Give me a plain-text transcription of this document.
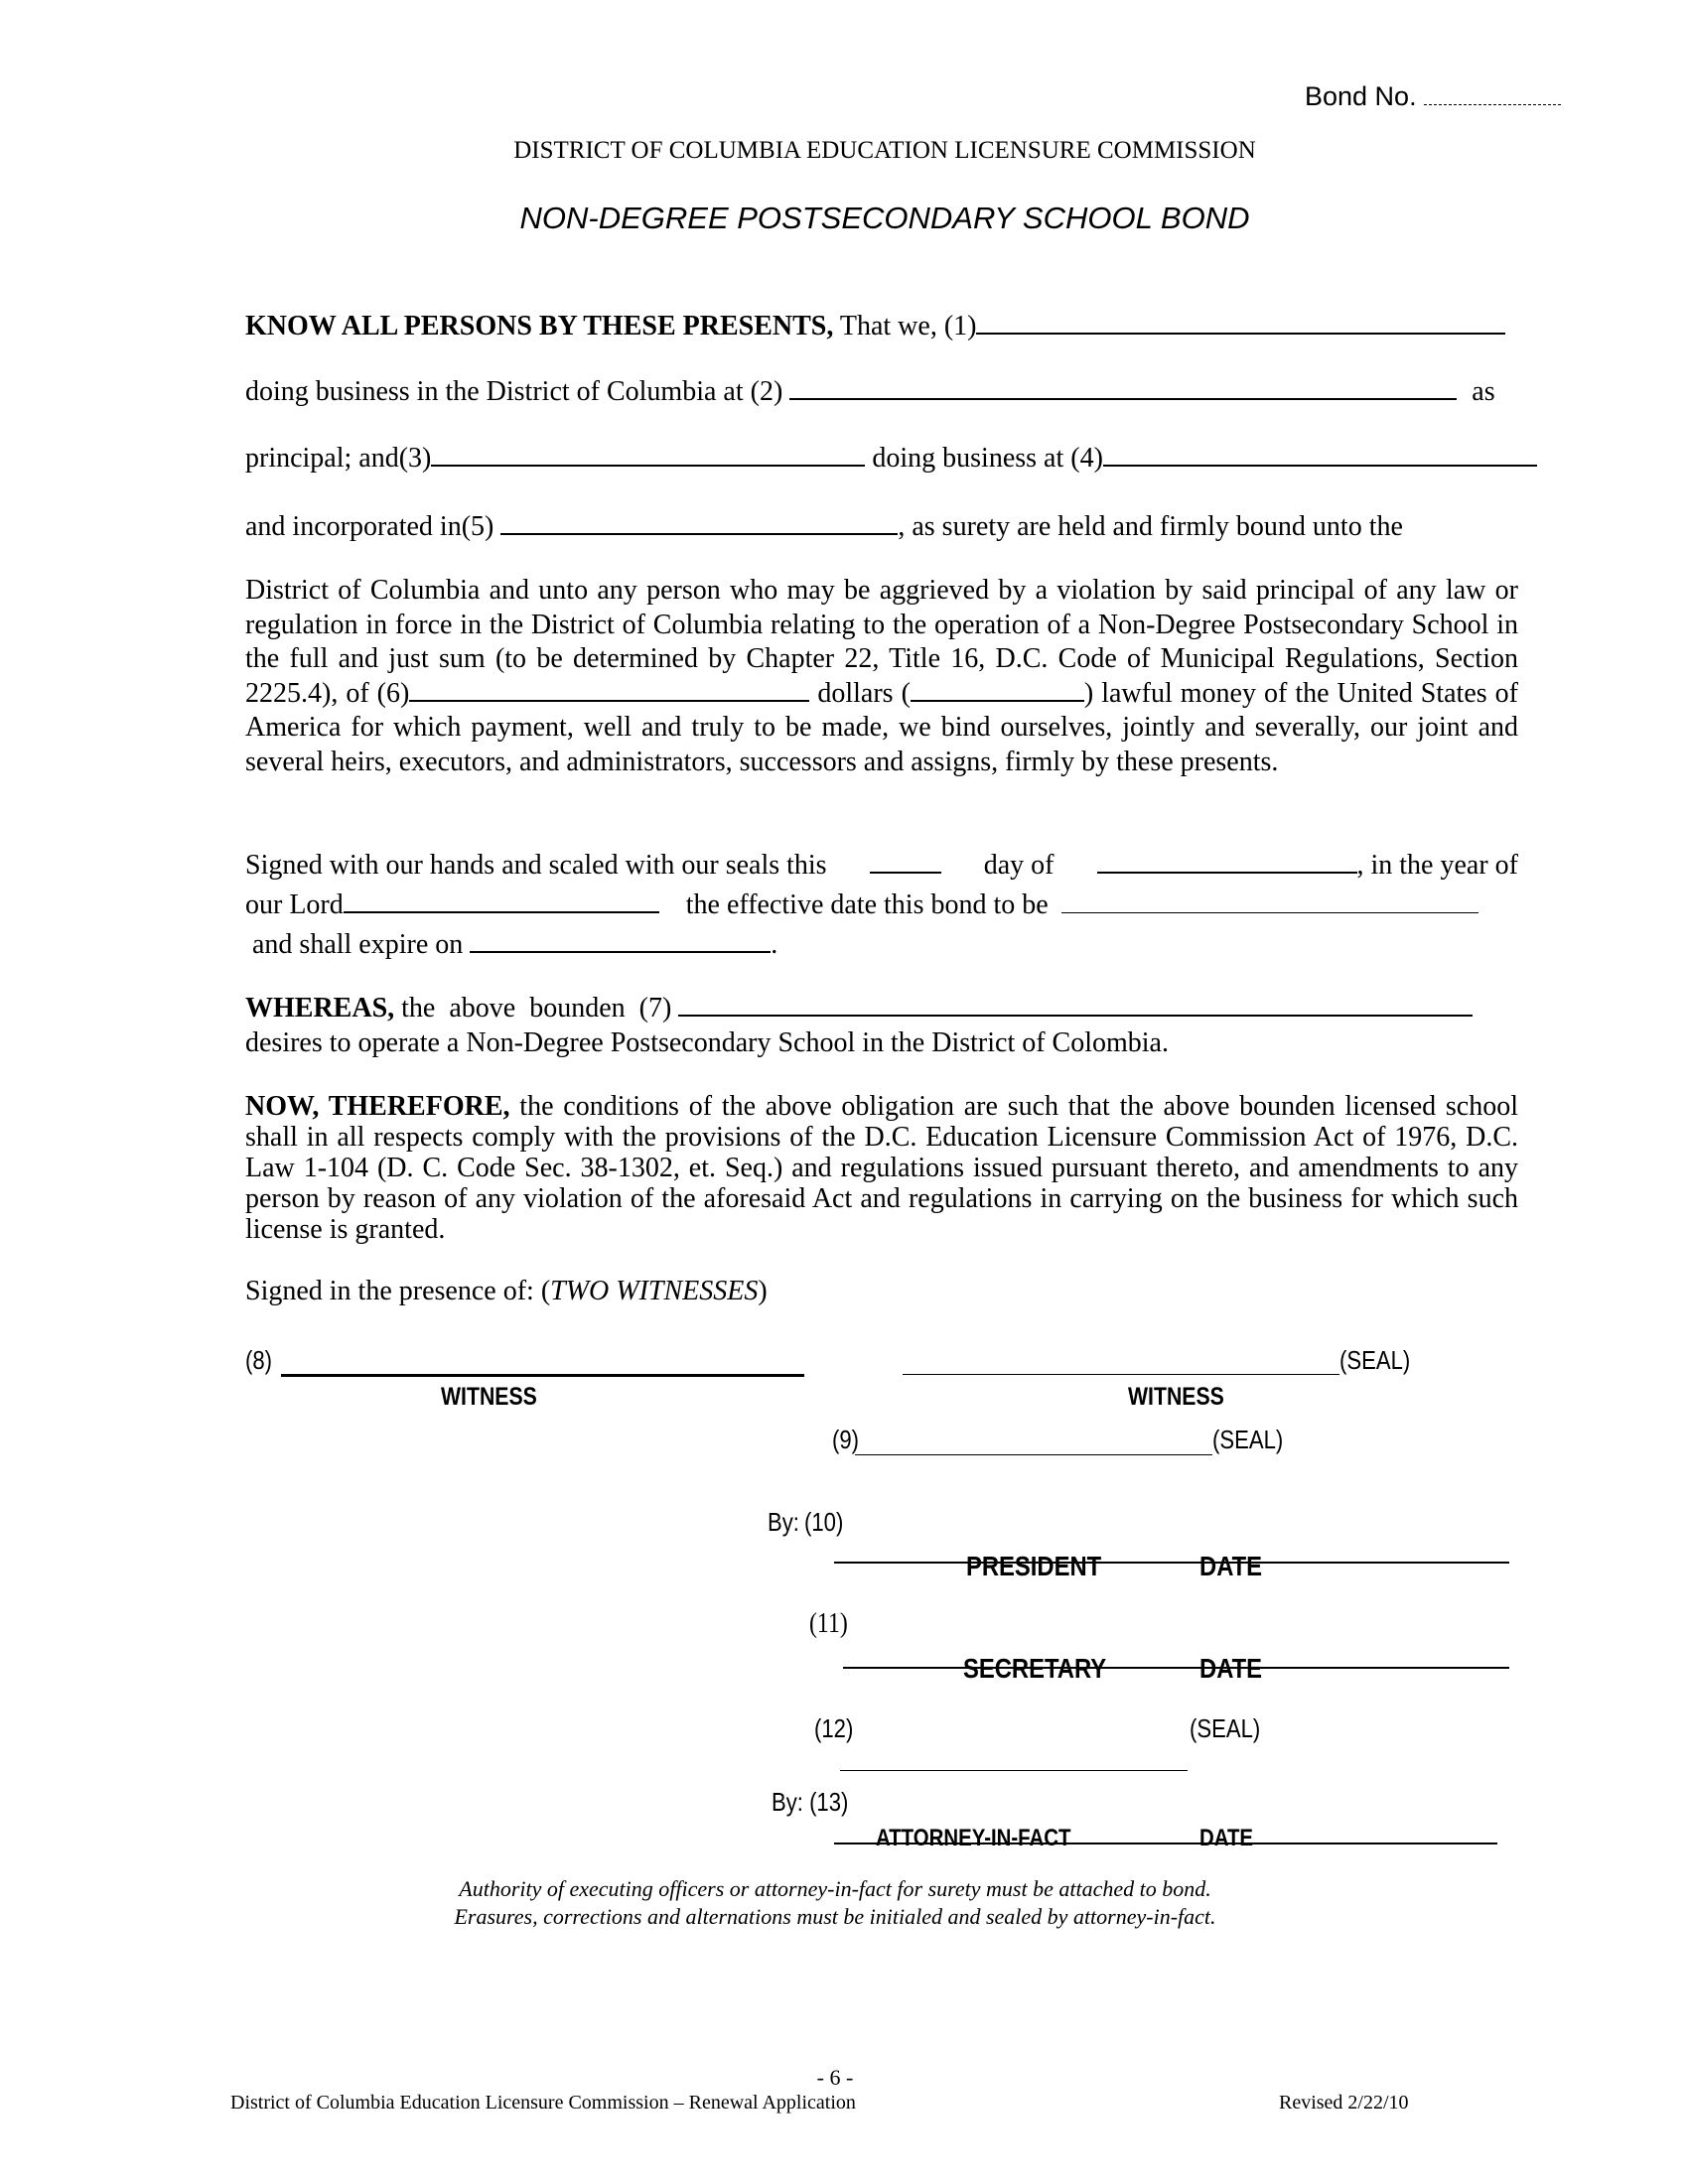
Bond No.
DISTRICT OF COLUMBIA EDUCATION LICENSURE COMMISSION
NON-DEGREE POSTSECONDARY SCHOOL BOND
KNOW ALL PERSONS BY THESE PRESENTS, That we, (1)
doing business in the District of Columbia at (2)	as
principal; and(3)	doing business at (4)
and incorporated in(5)	, as surety are held and firmly bound unto the
District of Columbia and unto any person who may be aggrieved by a violation by said principal of any law or regulation in force in the District of Columbia relating to the operation of a Non-Degree Postsecondary School in the full and just sum (to be determined by Chapter 22, Title 16, D.C. Code of Municipal Regulations, Section 2225.4), of (6)	dollars (	) lawful money of the United States of America for which payment, well and truly to be made, we bind ourselves, jointly and severally, our joint and several heirs, executors, and administrators, successors and assigns, firmly by these presents.
Signed with our hands and scaled with our seals this	day of	, in the year of
our Lord	the effective date this bond to be
and shall expire on	.
WHEREAS, the  above  bounden  (7)
desires to operate a Non-Degree Postsecondary School in the District of Colombia.
NOW, THEREFORE, the conditions of the above obligation are such that the above bounden licensed school shall in all respects comply with the provisions of the D.C. Education Licensure Commission Act of 1976, D.C. Law 1-104 (D. C. Code Sec. 38-1302, et. Seq.) and regulations issued pursuant thereto, and amendments to any person by reason of any violation of the aforesaid Act and regulations in carrying on the business for which such license is granted.
Signed in the presence of: (TWO WITNESSES)
(8)
WITNESS
(SEAL)
WITNESS
(9)	(SEAL)
By: (10)
PRESIDENT	DATE
(11)
SECRETARY	DATE
(12)	(SEAL)
By: (13)
ATTORNEY-IN-FACT	DATE
Authority of executing officers or attorney-in-fact for surety must be attached to bond.
Erasures, corrections and alternations must be initialed and sealed by attorney-in-fact.
- 6 -
District of Columbia Education Licensure Commission – Renewal Application	Revised 2/22/10
